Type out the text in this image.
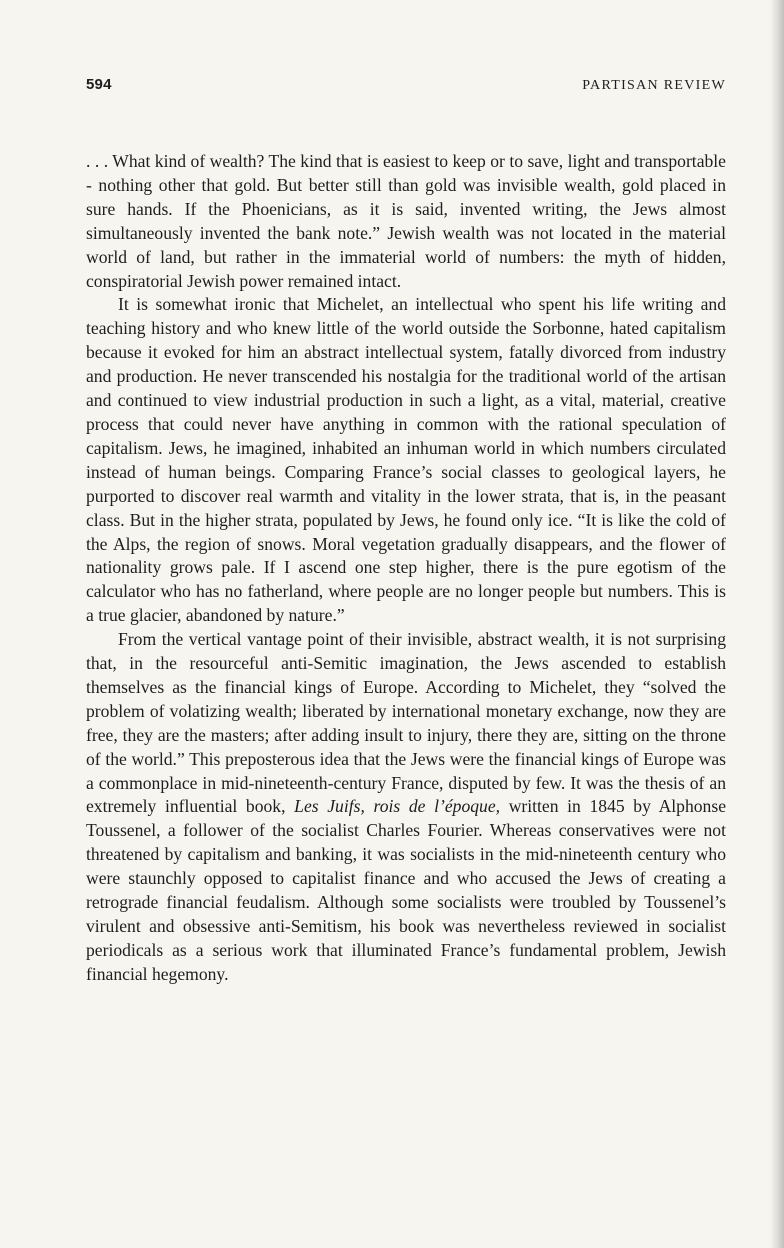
594	PARTISAN REVIEW

. . . What kind of wealth? The kind that is easiest to keep or to save, light and transportable - nothing other that gold. But better still than gold was invisible wealth, gold placed in sure hands. If the Phoenicians, as it is said, invented writing, the Jews almost simultaneously invented the bank note.” Jewish wealth was not located in the material world of land, but rather in the immaterial world of numbers: the myth of hidden, conspiratorial Jewish power remained intact.

It is somewhat ironic that Michelet, an intellectual who spent his life writing and teaching history and who knew little of the world outside the Sorbonne, hated capitalism because it evoked for him an abstract intellectual system, fatally divorced from industry and production. He never transcended his nostalgia for the traditional world of the artisan and continued to view industrial production in such a light, as a vital, material, creative process that could never have anything in common with the rational speculation of capitalism. Jews, he imagined, inhabited an inhuman world in which numbers circulated instead of human beings. Comparing France’s social classes to geological layers, he purported to discover real warmth and vitality in the lower strata, that is, in the peasant class. But in the higher strata, populated by Jews, he found only ice. “It is like the cold of the Alps, the region of snows. Moral vegetation gradually disappears, and the flower of nationality grows pale. If I ascend one step higher, there is the pure egotism of the calculator who has no fatherland, where people are no longer people but numbers. This is a true glacier, abandoned by nature.”

From the vertical vantage point of their invisible, abstract wealth, it is not surprising that, in the resourceful anti-Semitic imagination, the Jews ascended to establish themselves as the financial kings of Europe. According to Michelet, they “solved the problem of volatizing wealth; liberated by international monetary exchange, now they are free, they are the masters; after adding insult to injury, there they are, sitting on the throne of the world.” This preposterous idea that the Jews were the financial kings of Europe was a commonplace in mid-nineteenth-century France, disputed by few. It was the thesis of an extremely influential book, Les Juifs, rois de l’époque, written in 1845 by Alphonse Toussenel, a follower of the socialist Charles Fourier. Whereas conservatives were not threatened by capitalism and banking, it was socialists in the mid-nineteenth century who were staunchly opposed to capitalist finance and who accused the Jews of creating a retrograde financial feudalism. Although some socialists were troubled by Toussenel’s virulent and obsessive anti-Semitism, his book was nevertheless reviewed in socialist periodicals as a serious work that illuminated France’s fundamental problem, Jewish financial hegemony.
